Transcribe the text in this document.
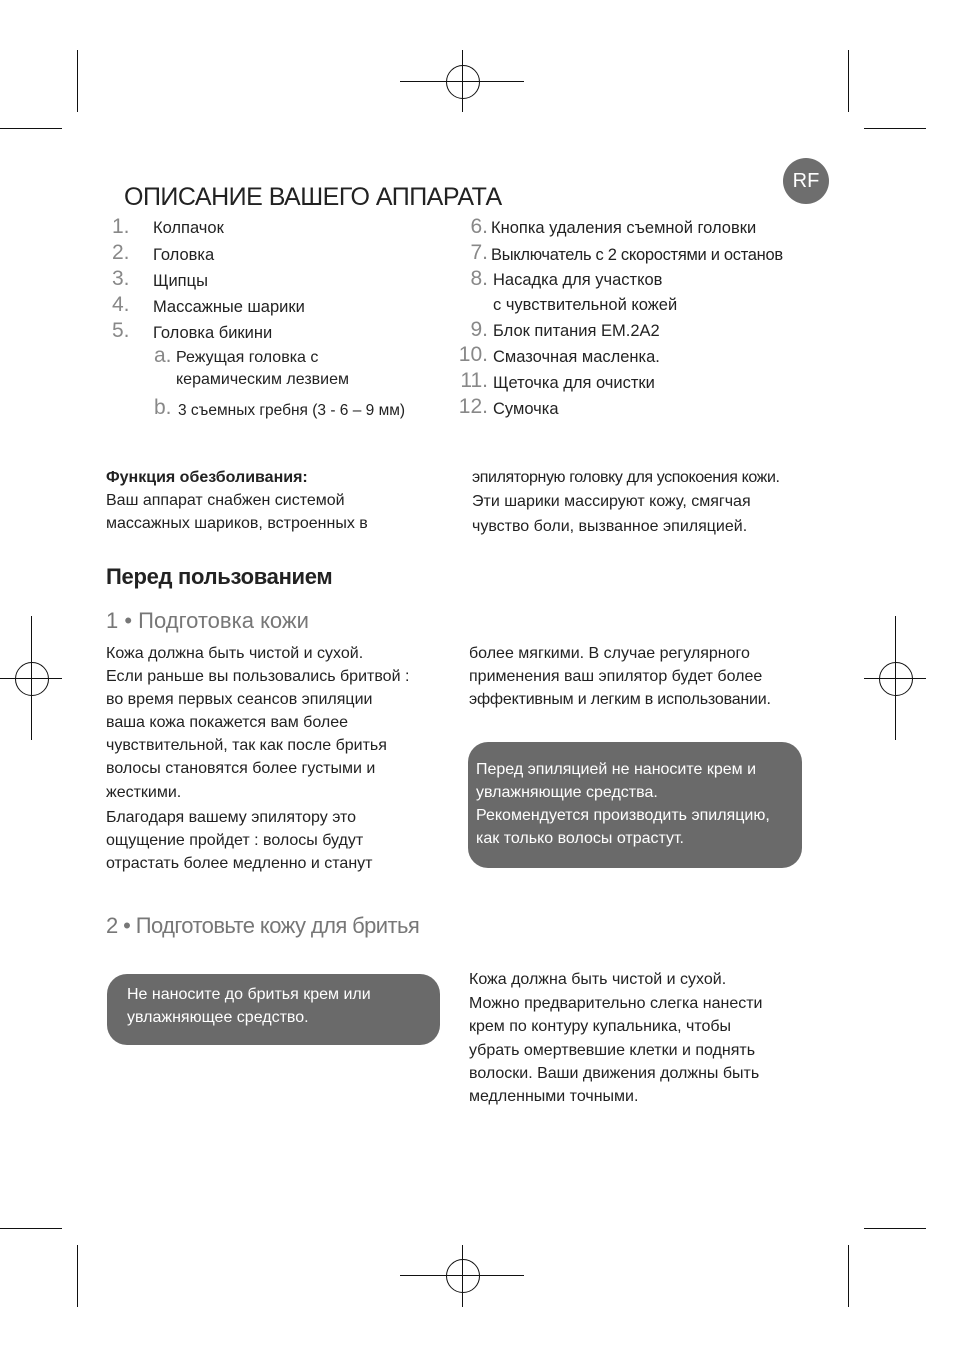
RF
ОПИСАНИЕ ВАШЕГО АППАРАТА
1.	Колпачок
2.	Головка
3.	Щипцы
4.	Массажные шарики
5.	Головка бикини
a. Режущая головка с
керамическим лезвием
b. 3 съемных гребня (3 - 6 – 9 мм)
6. Кнопка удаления съемной головки
7. Выключатель с 2 скоростями и останов
8. Насадка для участков
с чувствительной кожей
9. Блок питания EM.2A2
10. Смазочная масленка.
11. Щеточка для очистки
12. Сумочка
Функция обезболивания:
Ваш аппарат снабжен системой
массажных шариков, встроенных в
эпиляторную головку для успокоения кожи.
Эти шарики массируют кожу, смягчая
чувство боли, вызванное эпиляцией.
Перед пользованием
1 • Подготовка кожи
Кожа должна быть чистой и сухой.
Если раньше вы пользовались бритвой :
во время первых сеансов эпиляции
ваша кожа покажется вам более
чувствительной, так как после бритья
волосы становятся более густыми и
жесткими.
Благодаря вашему эпилятору это
ощущение пройдет : волосы будут
отрастать более медленно и станут
более мягкими. В случае регулярного
применения ваш эпилятор будет более
эффективным и легким в использовании.
Перед эпиляцией не наносите крем и
увлажняющие средства.
Рекомендуется производить эпиляцию,
как только волосы отрастут.
2 • Подготовьте кожу для бритья
Не наносите до бритья крем или
увлажняющее средство.
Кожа должна быть чистой и сухой.
Можно предварительно слегка нанести
крем по контуру купальника, чтобы
убрать омертвевшие клетки и поднять
волоски. Ваши движения должны быть
медленными точными.
